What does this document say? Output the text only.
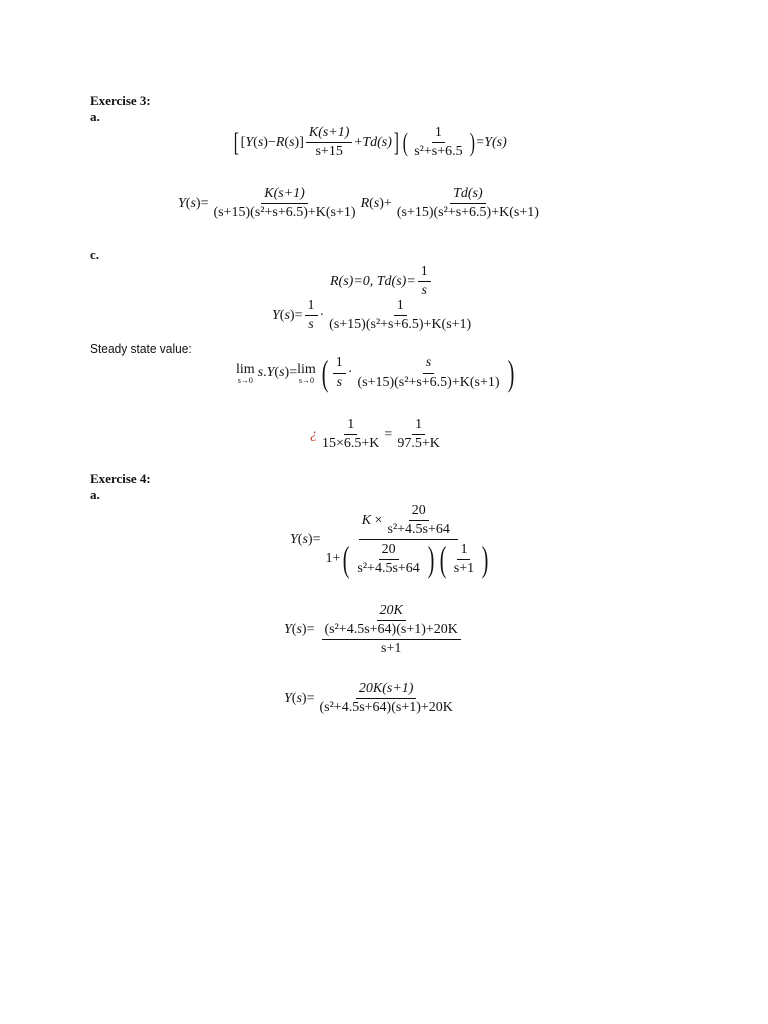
Exercise 3:
a.
[ [ Y ( s ) − R ( s )] $\frac{K(s+1)}{s+15} + Td(s)$ ] ( $\frac{1}{\text{s²+s+6.5}}$ ) = Y(s)
Y ( s ) = $\frac{K(s+1)}{\text{(s+15)(s²+s+6.5)+K(s+1)}}$ R ( s ) + $\frac{Td(s)}{\text{(s+15)(s²+s+6.5)+K(s+1)}}$
c.
R(s)=0, $Td(s)= \frac{1}{s}$
Y ( s ) = $\frac{1}{s} \cdot \frac{1}{\text{(s+15)(s²+s+6.5)+K(s+1)}}$
Steady state value:
lim
s→0 s . Y ( s ) = lim
s→0 ( $\frac{1}{s} \cdot \frac{s}{\text{(s+15)(s²+s+6.5)+K(s+1)}}$ )
¿ $\frac{1}{15\times 6.5+K} = \frac{1}{97.5+K}$
Exercise 4:
a.
Y ( s ) = $\frac{K \times \frac{20}{\text{s²+4.5s+64}}}{1+ ( \frac{20}{\text{s²+4.5s+64}} ) ( \frac{1}{s+1} )}$
Y ( s ) = $\frac{20K}{\frac{\text{(s²+4.5s+64)(s+1)+20K}}{s+1}}$
Y ( s ) = $\frac{20K(s+1)}{\text{(s²+4.5s+64)(s+1)+20K}}$
